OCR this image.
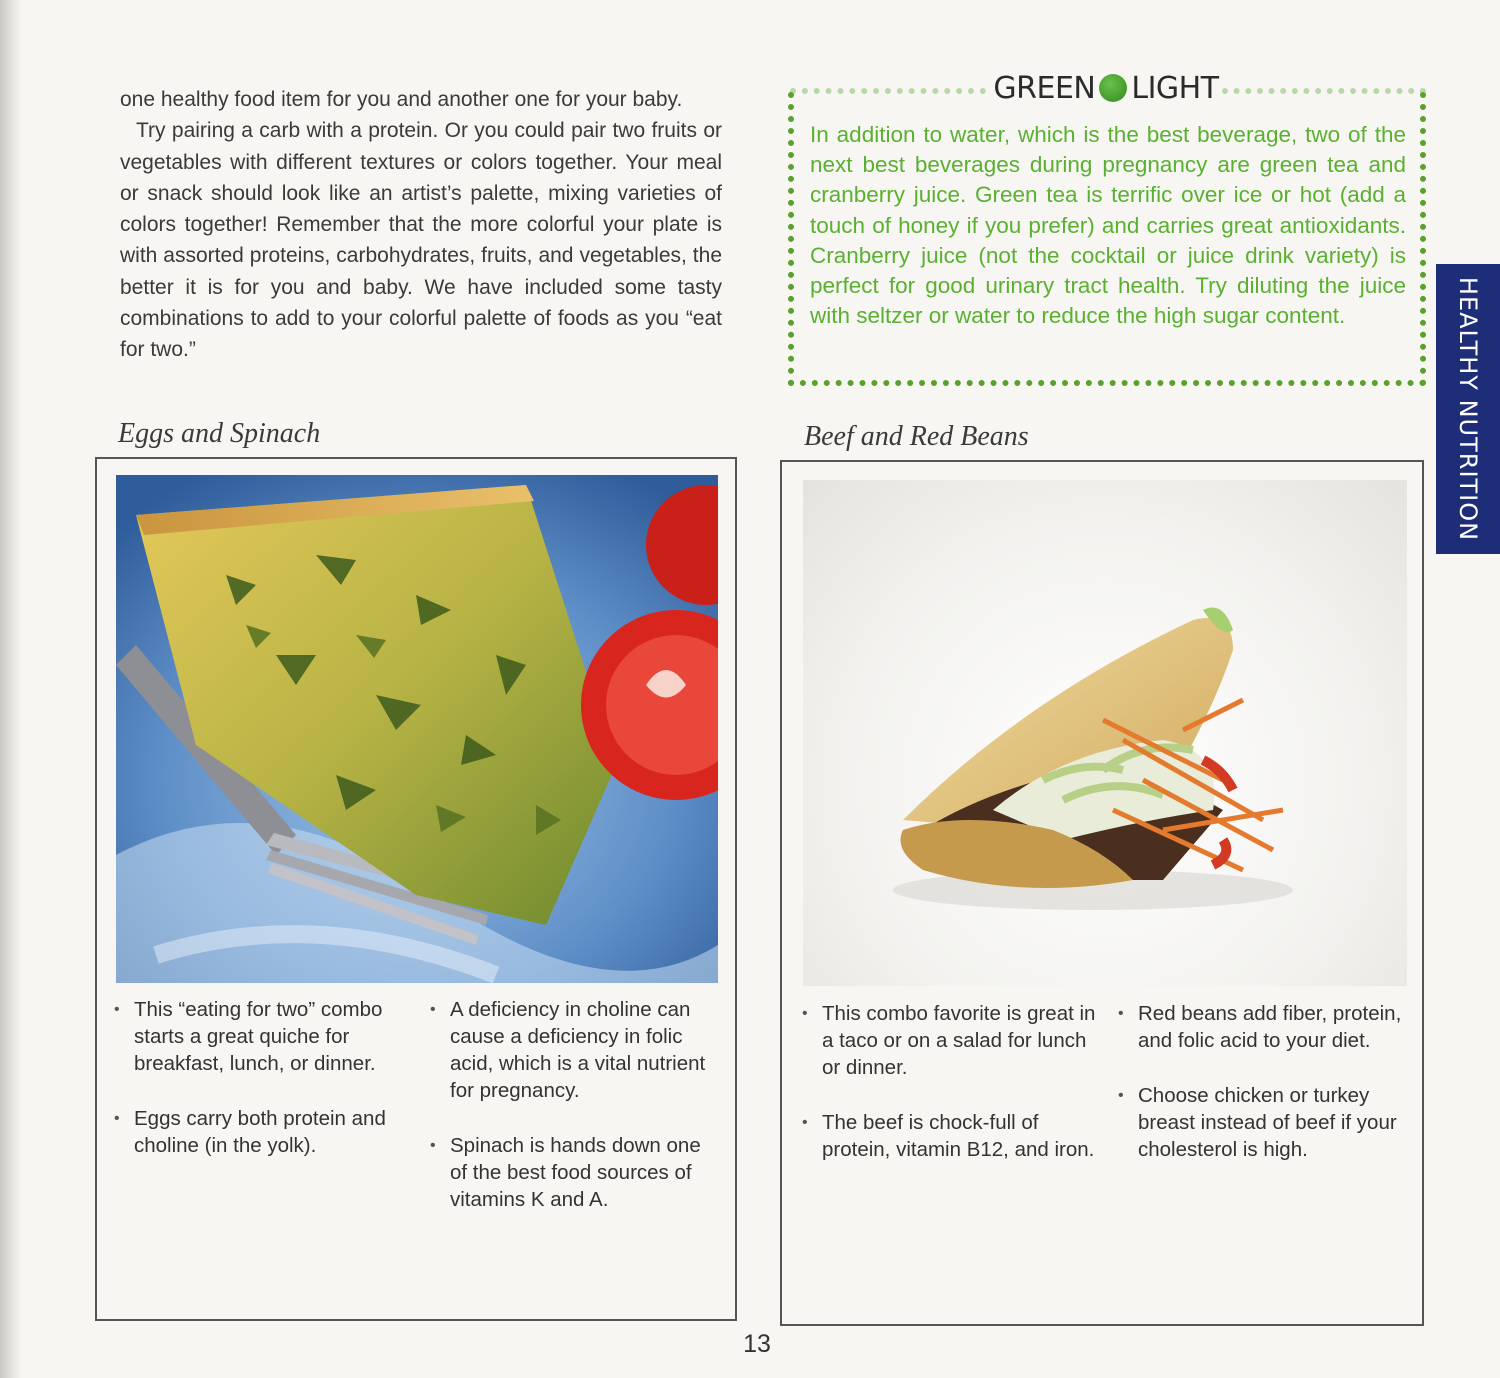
one healthy food item for you and another one for your baby.

Try pairing a carb with a protein. Or you could pair two fruits or vegetables with different textures or colors together. Your meal or snack should look like an artist’s palette, mixing varieties of colors together! Remember that the more colorful your plate is with assorted proteins, carbohydrates, fruits, and vegetables, the better it is for you and baby. We have included some tasty combinations to add to your colorful palette of foods as you “eat for two.”

GREEN LIGHT
In addition to water, which is the best beverage, two of the next best beverages during pregnancy are green tea and cranberry juice. Green tea is terrific over ice or hot (add a touch of honey if you prefer) and carries great antioxidants. Cranberry juice (not the cocktail or juice drink variety) is perfect for good urinary tract health. Try diluting the juice with seltzer or water to reduce the high sugar content.	HEALTHY NUTRITION
Eggs and Spinach
• This “eating for two” combo starts a great quiche for breakfast, lunch, or dinner.
• Eggs carry both protein and choline (in the yolk).
• A deficiency in choline can cause a deficiency in folic acid, which is a vital nutrient for pregnancy.
• Spinach is hands down one of the best food sources of vitamins K and A.
Beef and Red Beans
• This combo favorite is great in a taco or on a salad for lunch or dinner.
• The beef is chock-full of protein, vitamin B12, and iron.
• Red beans add fiber, protein, and folic acid to your diet.
• Choose chicken or turkey breast instead of beef if your cholesterol is high.
13
